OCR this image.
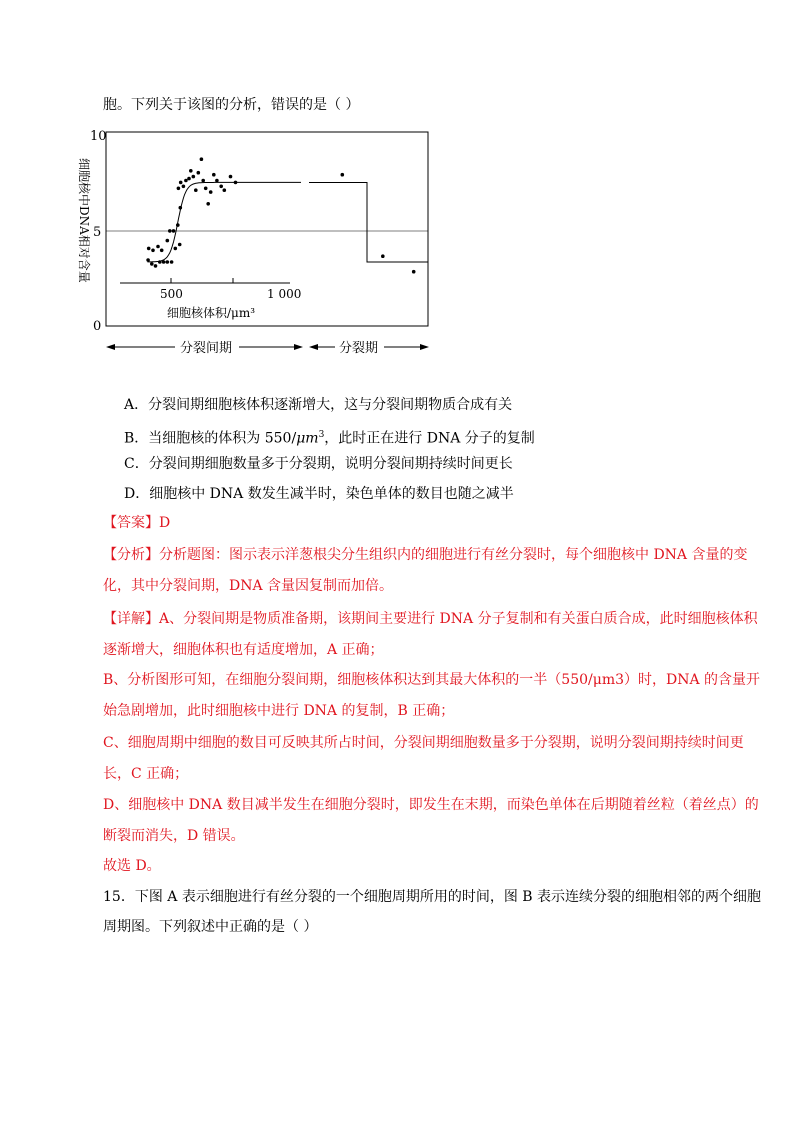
胞。下列关于该图的分析，错误的是（ ）
10
5
0
细胞核中DNA相对含量
500	1 000
细胞核体积/μm³
分裂间期	分裂期
A．分裂间期细胞核体积逐渐增大，这与分裂间期物质合成有关
B．当细胞核的体积为 $550/\mu m^3$，此时正在进行 DNA 分子的复制
C．分裂间期细胞数量多于分裂期，说明分裂间期持续时间更长
D．细胞核中 DNA 数发生减半时，染色单体的数目也随之减半
【答案】D
【分析】分析题图：图示表示洋葱根尖分生组织内的细胞进行有丝分裂时，每个细胞核中 DNA 含量的变
化，其中分裂间期，DNA 含量因复制而加倍。
【详解】A、分裂间期是物质准备期，该期间主要进行 DNA 分子复制和有关蛋白质合成，此时细胞核体积
逐渐增大，细胞体积也有适度增加，A 正确；
B、分析图形可知，在细胞分裂间期，细胞核体积达到其最大体积的一半（550/μm3）时，DNA 的含量开
始急剧增加，此时细胞核中进行 DNA 的复制，B 正确；
C、细胞周期中细胞的数目可反映其所占时间，分裂间期细胞数量多于分裂期，说明分裂间期持续时间更
长，C 正确；
D、细胞核中 DNA 数目减半发生在细胞分裂时，即发生在末期，而染色单体在后期随着丝粒（着丝点）的
断裂而消失，D 错误。
故选 D。
15．下图 A 表示细胞进行有丝分裂的一个细胞周期所用的时间，图 B 表示连续分裂的细胞相邻的两个细胞
周期图。下列叙述中正确的是（ ）
